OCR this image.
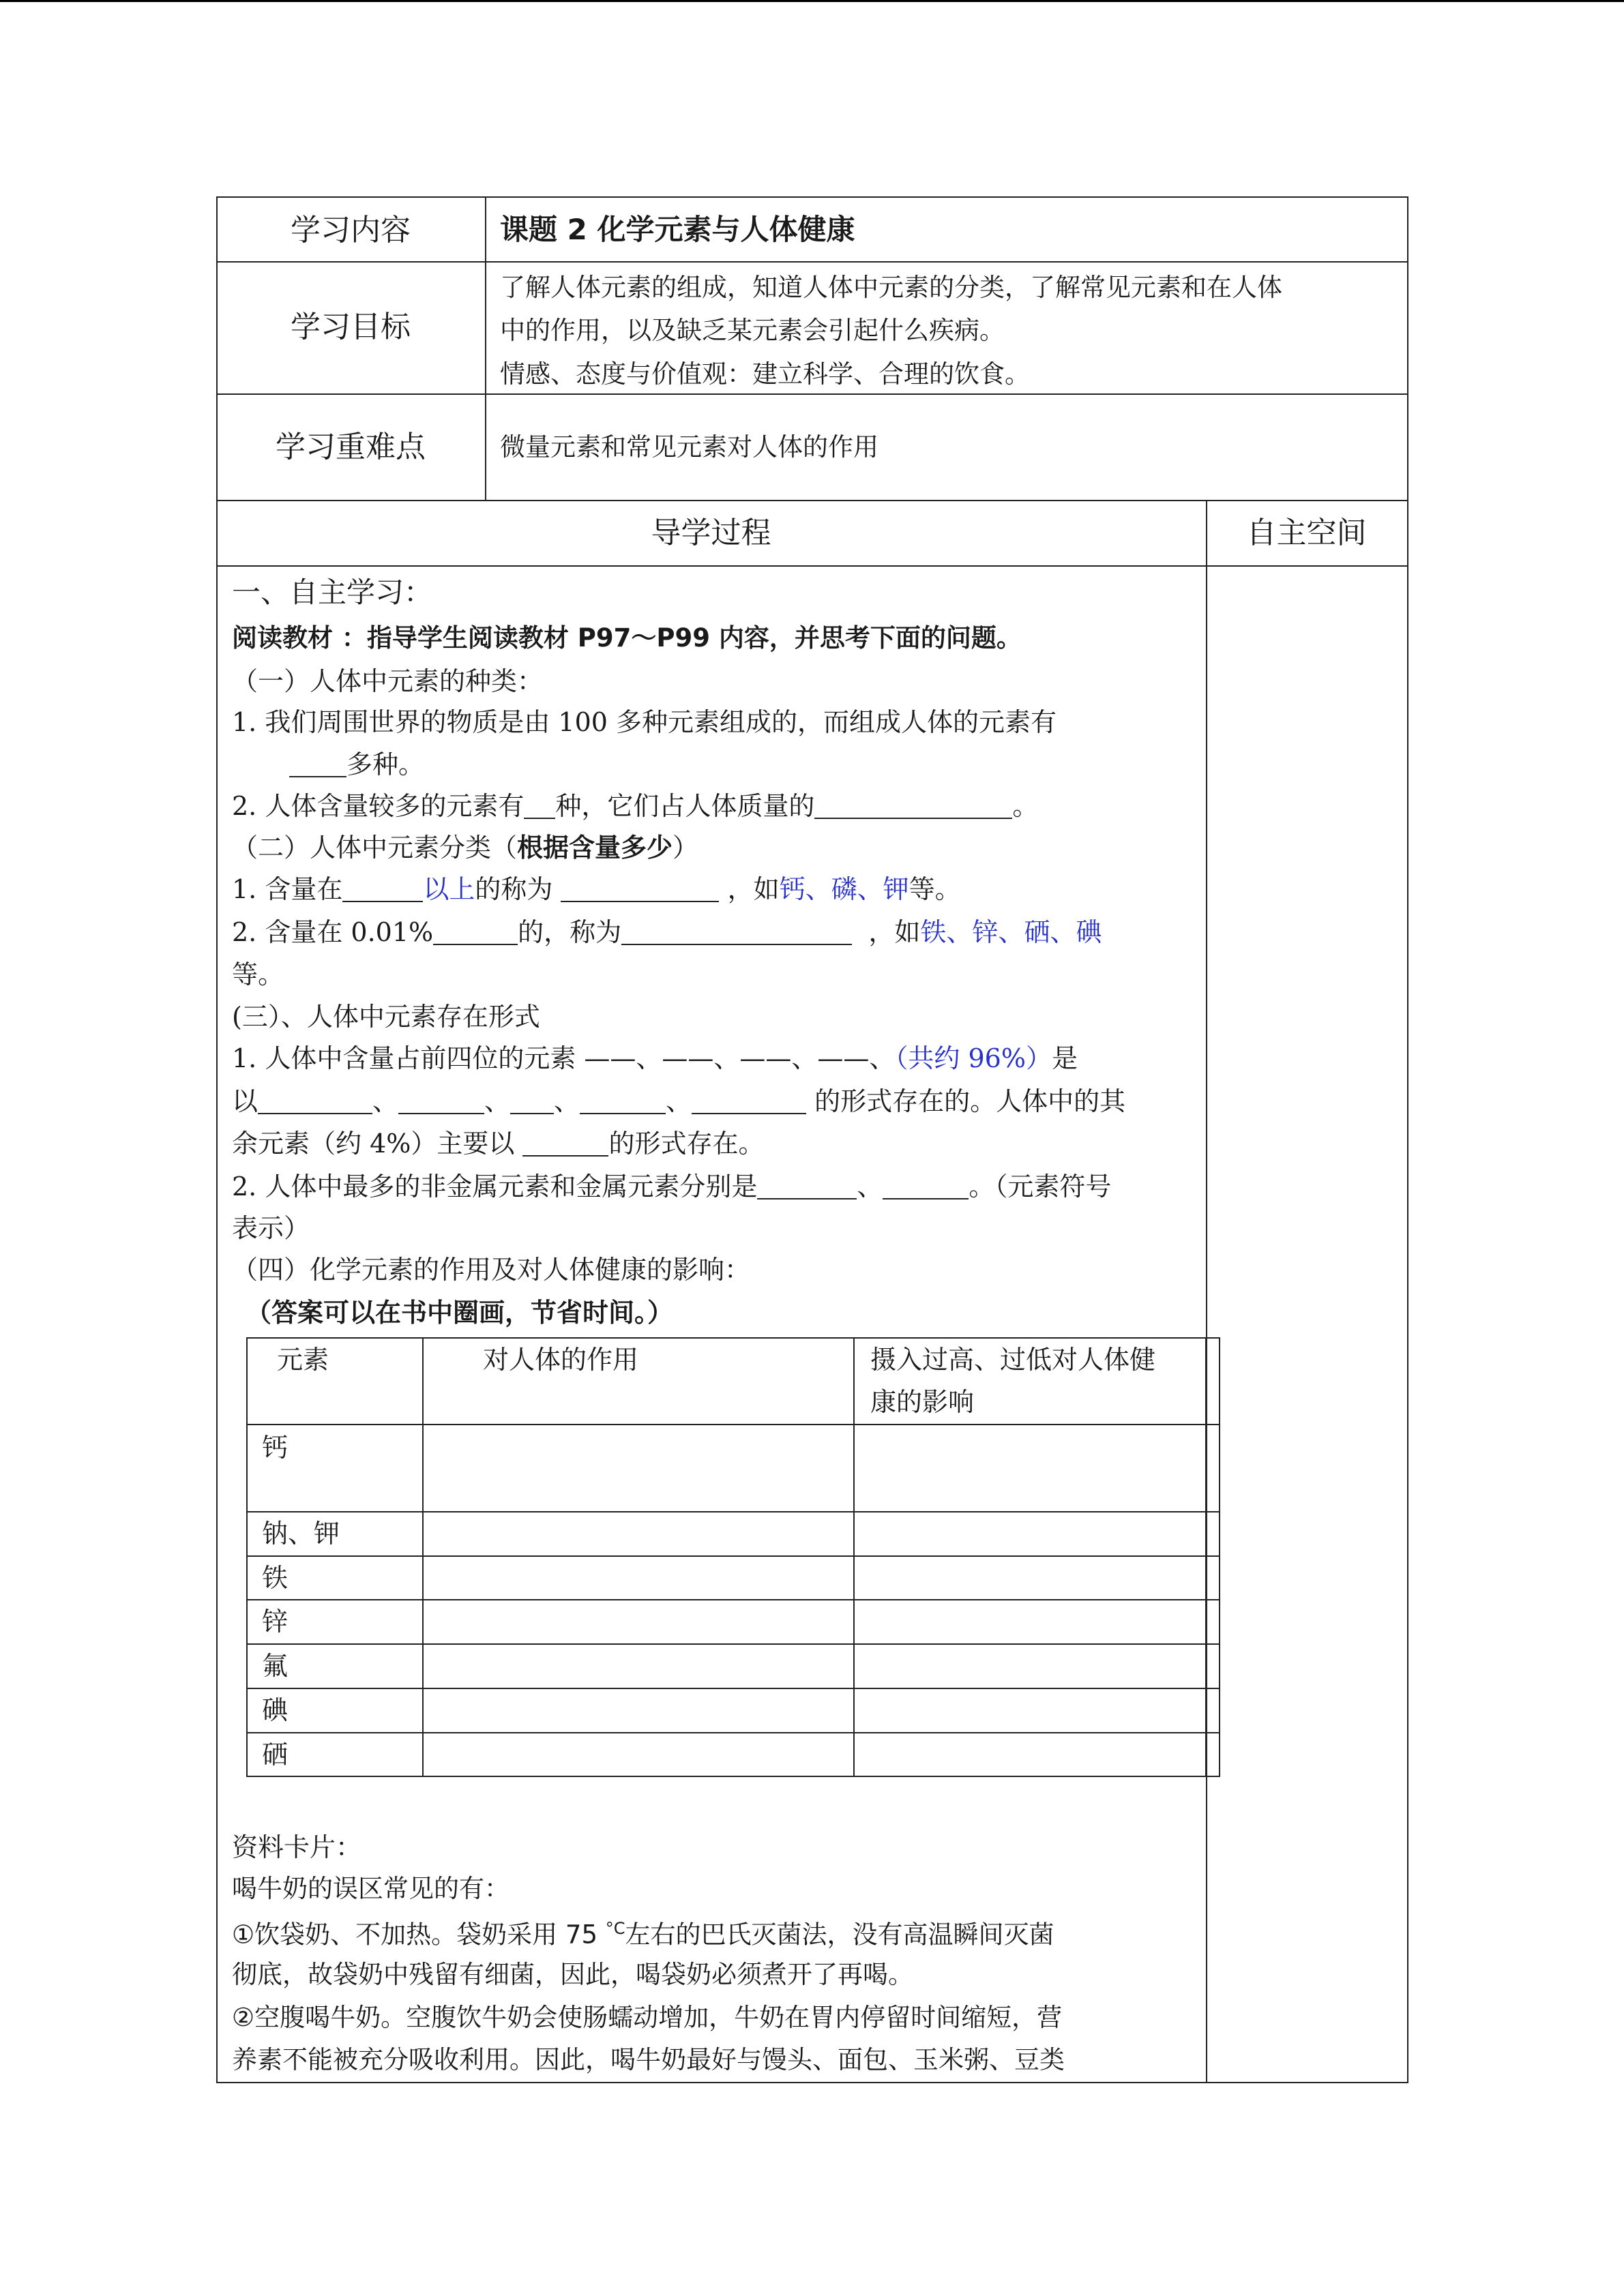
学习内容	课题 2 化学元素与人体健康
学习目标
了解人体元素的组成，知道人体中元素的分类，了解常见元素和在人体
中的作用，以及缺乏某元素会引起什么疾病。
情感、态度与价值观：建立科学、合理的饮食。
学习重难点	微量元素和常见元素对人体的作用
导学过程	自主空间
一、自主学习：
阅读教材 ：指导学生阅读教材 P97～P99 内容，并思考下面的问题。
（一）人体中元素的种类：
1. 我们周围世界的物质是由 100 多种元素组成的，而组成人体的元素有
多种。
2. 人体含量较多的元素有 种，它们占人体质量的	。
（二）人体中元素分类（根据含量多少）
1. 含量在	以上的称为	，如钙、磷、钾等。
2. 含量在 0.01%	的，称为	，如铁、锌、硒、碘
等。
(三）、人体中元素存在形式
1. 人体中含量占前四位的元素 ——、——、——、——、（共约 96%）是
以	、	、 、	、	的形式存在的。人体中的其
余元素（约 4%）主要以	的形式存在。
2. 人体中最多的非金属元素和金属元素分别是	、	。（元素符号
表示）
（四）化学元素的作用及对人体健康的影响：
（答案可以在书中圈画，节省时间。）
元素	对人体的作用	摄入过高、过低对人体健
康的影响
钙
钠、钾
铁
锌
氟
碘
硒
资料卡片：
喝牛奶的误区常见的有：
①饮袋奶、不加热。袋奶采用 75 $^{^\circ C}$左右的巴氏灭菌法，没有高温瞬间灭菌
彻底，故袋奶中残留有细菌，因此，喝袋奶必须煮开了再喝。
②空腹喝牛奶。空腹饮牛奶会使肠蠕动增加，牛奶在胃内停留时间缩短，营
养素不能被充分吸收利用。因此，喝牛奶最好与馒头、面包、玉米粥、豆类
